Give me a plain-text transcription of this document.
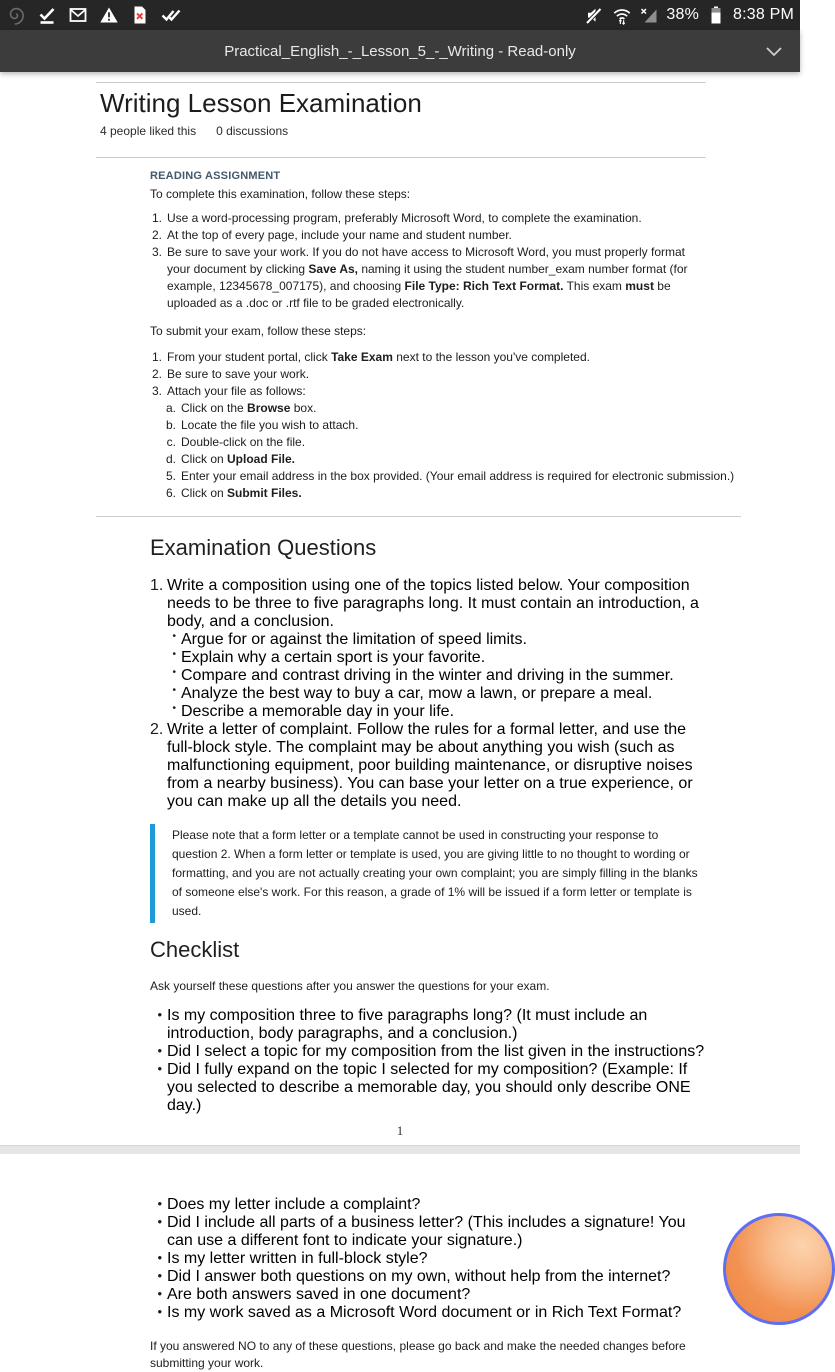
38% 8:38 PM
Practical_English_-_Lesson_5_-_Writing - Read-only
Writing Lesson Examination
4 people liked this 0 discussions
READING ASSIGNMENT
To complete this examination, follow these steps:
1. Use a word-processing program, preferably Microsoft Word, to complete the examination.
2. At the top of every page, include your name and student number.
3. Be sure to save your work. If you do not have access to Microsoft Word, you must properly format your document by clicking Save As, naming it using the student number_exam number format (for example, 12345678_007175), and choosing File Type: Rich Text Format. This exam must be uploaded as a .doc or .rtf file to be graded electronically.
To submit your exam, follow these steps:
1. From your student portal, click Take Exam next to the lesson you've completed.
2. Be sure to save your work.
3. Attach your file as follows:
a. Click on the Browse box.
b. Locate the file you wish to attach.
c. Double-click on the file.
d. Click on Upload File.
5. Enter your email address in the box provided. (Your email address is required for electronic submission.)
6. Click on Submit Files.
Examination Questions
1. Write a composition using one of the topics listed below. Your composition needs to be three to five paragraphs long. It must contain an introduction, a body, and a conclusion.
• Argue for or against the limitation of speed limits.
• Explain why a certain sport is your favorite.
• Compare and contrast driving in the winter and driving in the summer.
• Analyze the best way to buy a car, mow a lawn, or prepare a meal.
• Describe a memorable day in your life.
2. Write a letter of complaint. Follow the rules for a formal letter, and use the full-block style. The complaint may be about anything you wish (such as malfunctioning equipment, poor building maintenance, or disruptive noises from a nearby business). You can base your letter on a true experience, or you can make up all the details you need.
Please note that a form letter or a template cannot be used in constructing your response to question 2. When a form letter or template is used, you are giving little to no thought to wording or formatting, and you are not actually creating your own complaint; you are simply filling in the blanks of someone else's work. For this reason, a grade of 1% will be issued if a form letter or template is used.
Checklist
Ask yourself these questions after you answer the questions for your exam.
• Is my composition three to five paragraphs long? (It must include an introduction, body paragraphs, and a conclusion.)
• Did I select a topic for my composition from the list given in the instructions?
• Did I fully expand on the topic I selected for my composition? (Example: If you selected to describe a memorable day, you should only describe ONE day.)
1
• Does my letter include a complaint?
• Did I include all parts of a business letter? (This includes a signature! You can use a different font to indicate your signature.)
• Is my letter written in full-block style?
• Did I answer both questions on my own, without help from the internet?
• Are both answers saved in one document?
• Is my work saved as a Microsoft Word document or in Rich Text Format?
If you answered NO to any of these questions, please go back and make the needed changes before submitting your work.
